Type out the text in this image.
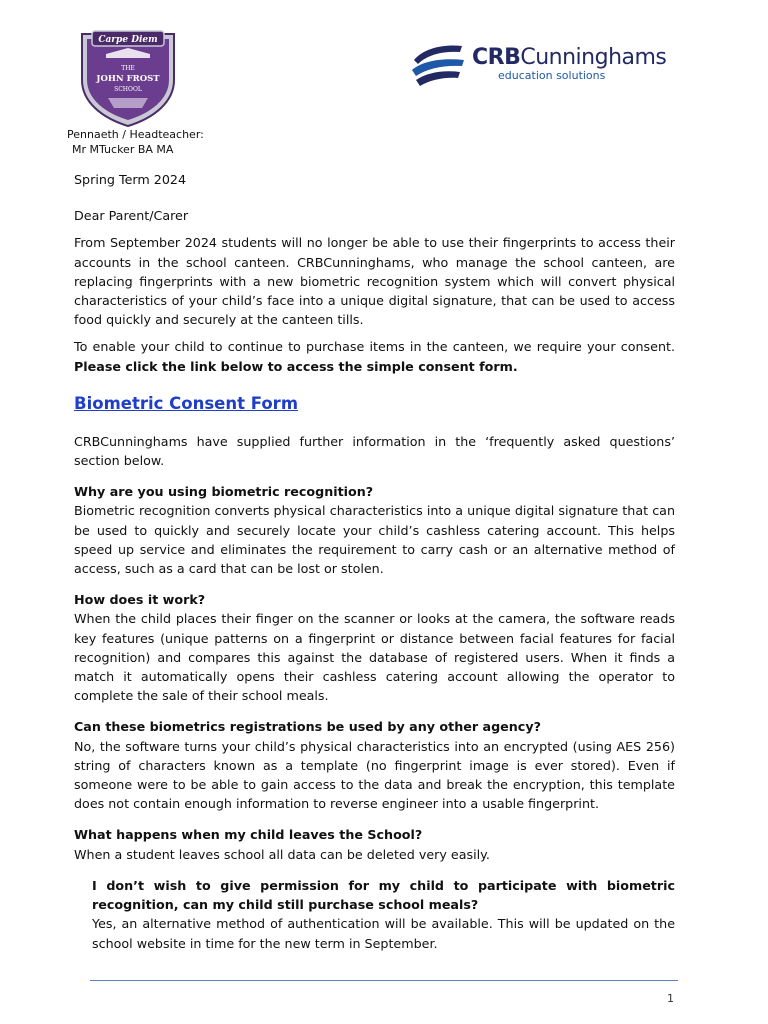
Carpe Diem
THE
JOHN FROST
SCHOOL
Pennaeth / Headteacher:
Mr MTucker BA MA
CRBCunninghams
education solutions

Spring Term 2024

Dear Parent/Carer

From September 2024 students will no longer be able to use their fingerprints to access their accounts in the school canteen. CRBCunninghams, who manage the school canteen, are replacing fingerprints with a new biometric recognition system which will convert physical characteristics of your child’s face into a unique digital signature, that can be used to access food quickly and securely at the canteen tills.

To enable your child to continue to purchase items in the canteen, we require your consent. Please click the link below to access the simple consent form.

Biometric Consent Form

CRBCunninghams have supplied further information in the ‘frequently asked questions’ section below.

Why are you using biometric recognition?

Biometric recognition converts physical characteristics into a unique digital signature that can be used to quickly and securely locate your child’s cashless catering account. This helps speed up service and eliminates the requirement to carry cash or an alternative method of access, such as a card that can be lost or stolen.

How does it work?

When the child places their finger on the scanner or looks at the camera, the software reads key features (unique patterns on a fingerprint or distance between facial features for facial recognition) and compares this against the database of registered users. When it finds a match it automatically opens their cashless catering account allowing the operator to complete the sale of their school meals.

Can these biometrics registrations be used by any other agency?

No, the software turns your child’s physical characteristics into an encrypted (using AES 256) string of characters known as a template (no fingerprint image is ever stored). Even if someone were to be able to gain access to the data and break the encryption, this template does not contain enough information to reverse engineer into a usable fingerprint.

What happens when my child leaves the School?

When a student leaves school all data can be deleted very easily.

I don’t wish to give permission for my child to participate with biometric recognition, can my child still purchase school meals?

Yes, an alternative method of authentication will be available. This will be updated on the school website in time for the new term in September.

1
